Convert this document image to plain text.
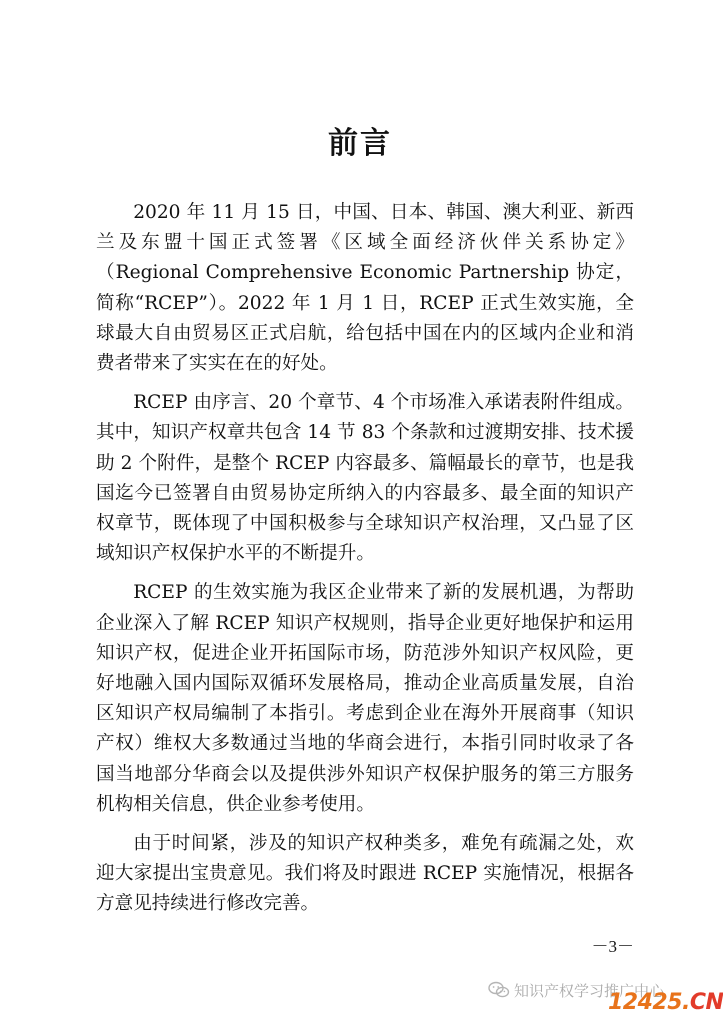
前言

2020 年 11 月 15 日，中国、日本、韩国、澳大利亚、新西兰及东盟十国正式签署《区域全面经济伙伴关系协定》（Regional Comprehensive Economic Partnership 协定，简称“RCEP”）。2022 年 1 月 1 日，RCEP 正式生效实施，全球最大自由贸易区正式启航，给包括中国在内的区域内企业和消费者带来了实实在在的好处。

RCEP 由序言、20 个章节、4 个市场准入承诺表附件组成。其中，知识产权章共包含 14 节 83 个条款和过渡期安排、技术援助 2 个附件，是整个 RCEP 内容最多、篇幅最长的章节，也是我国迄今已签署自由贸易协定所纳入的内容最多、最全面的知识产权章节，既体现了中国积极参与全球知识产权治理，又凸显了区域知识产权保护水平的不断提升。

RCEP 的生效实施为我区企业带来了新的发展机遇，为帮助企业深入了解 RCEP 知识产权规则，指导企业更好地保护和运用知识产权，促进企业开拓国际市场，防范涉外知识产权风险，更好地融入国内国际双循环发展格局，推动企业高质量发展，自治区知识产权局编制了本指引。考虑到企业在海外开展商事（知识产权）维权大多数通过当地的华商会进行，本指引同时收录了各国当地部分华商会以及提供涉外知识产权保护服务的第三方服务机构相关信息，供企业参考使用。

由于时间紧，涉及的知识产权种类多，难免有疏漏之处，欢迎大家提出宝贵意见。我们将及时跟进 RCEP 实施情况，根据各方意见持续进行修改完善。

－3－
知识产权学习推广中心
12425.CN
